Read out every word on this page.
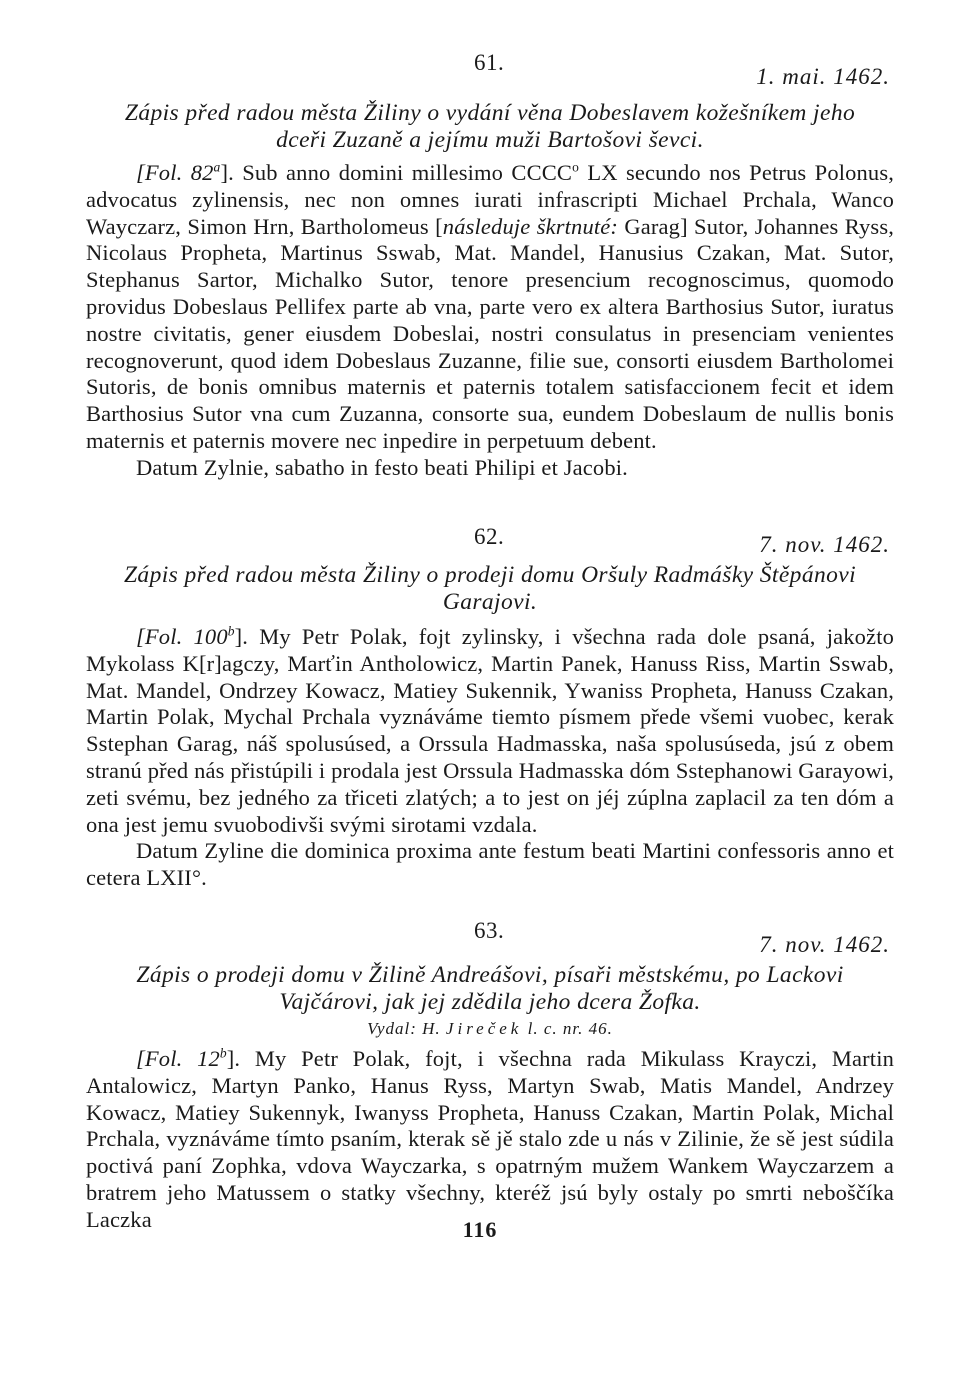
61.
1. mai. 1462.

Zápis před radou města Žiliny o vydání věna Dobeslavem kožešníkem jeho
dceři Zuzaně a jejímu muži Bartošovi ševci.

[Fol. 82$^a$]. Sub anno domini millesimo CCCC$^o$ LX secundo nos Petrus Polonus, advocatus zylinensis, nec non omnes iurati infrascripti Michael Prchala, Wanco Wayczarz, Simon Hrn, Bartholomeus [následuje škrtnuté: Garag] Sutor, Johannes Ryss, Nicolaus Propheta, Martinus Sswab, Mat. Mandel, Hanusius Czakan, Mat. Sutor, Stephanus Sartor, Michalko Sutor, tenore presencium recognoscimus, quomodo providus Dobeslaus Pellifex parte ab vna, parte vero ex altera Barthosius Sutor, iuratus nostre civitatis, gener eiusdem Dobeslai, nostri consulatus in presenciam venientes recognoverunt, quod idem Dobeslaus Zuzanne, filie sue, consorti eiusdem Bartholomei Sutoris, de bonis omnibus maternis et paternis totalem satisfaccionem fecit et idem Barthosius Sutor vna cum Zuzanna, consorte sua, eundem Dobeslaum de nullis bonis maternis et paternis movere nec inpedire in perpetuum debent.

Datum Zylnie, sabatho in festo beati Philipi et Jacobi.

62.	7. nov. 1462.

Zápis před radou města Žiliny o prodeji domu Oršuly Radmášky Štěpánovi
Garajovi.

[Fol. 100$^b$]. My Petr Polak, fojt zylinsky, i všechna rada dole psaná, jakožto Mykolass K[r]agczy, Marťin Antholowicz, Martin Panek, Hanuss Riss, Martin Sswab, Mat. Mandel, Ondrzey Kowacz, Matiey Sukennik, Ywaniss Propheta, Hanuss Czakan, Martin Polak, Mychal Prchala vyznáváme tiemto písmem přede všemi vuobec, kerak Sstephan Garag, náš spolusúsed, a Orssula Hadmasska, naša spolusúseda, jsú z obem stranú před nás přistúpili i prodala jest Orssula Hadmasska dóm Sstephanowi Garayowi, zeti svému, bez jedného za třiceti zlatých; a to jest on jéj zúplna zaplacil za ten dóm a ona jest jemu svuobodivši svými sirotami vzdala.

Datum Zyline die dominica proxima ante festum beati Martini confessoris anno et cetera LXII°.

63.
7. nov. 1462.

Zápis o prodeji domu v Žilině Andreášovi, písaři městskému, po Lackovi
Vajčárovi, jak jej zdědila jeho dcera Žofka.

Vydal: H. Jireček l. c. nr. 46.

[Fol. 12$^b$]. My Petr Polak, fojt, i všechna rada Mikulass Krayczi, Martin Antalowicz, Martyn Panko, Hanus Ryss, Martyn Swab, Matis Mandel, Andrzey Kowacz, Matiey Sukennyk, Iwanyss Propheta, Hanuss Czakan, Martin Polak, Michal Prchala, vyznáváme tímto psaním, kterak sě jě stalo zde u nás v Zilinie, že sě jest súdila poctivá paní Zophka, vdova Wayczarka, s opatrným mužem Wankem Wayczarzem a bratrem jeho Matussem o statky všechny, kteréž jsú byly ostaly po smrti neboščíka Laczka	116
